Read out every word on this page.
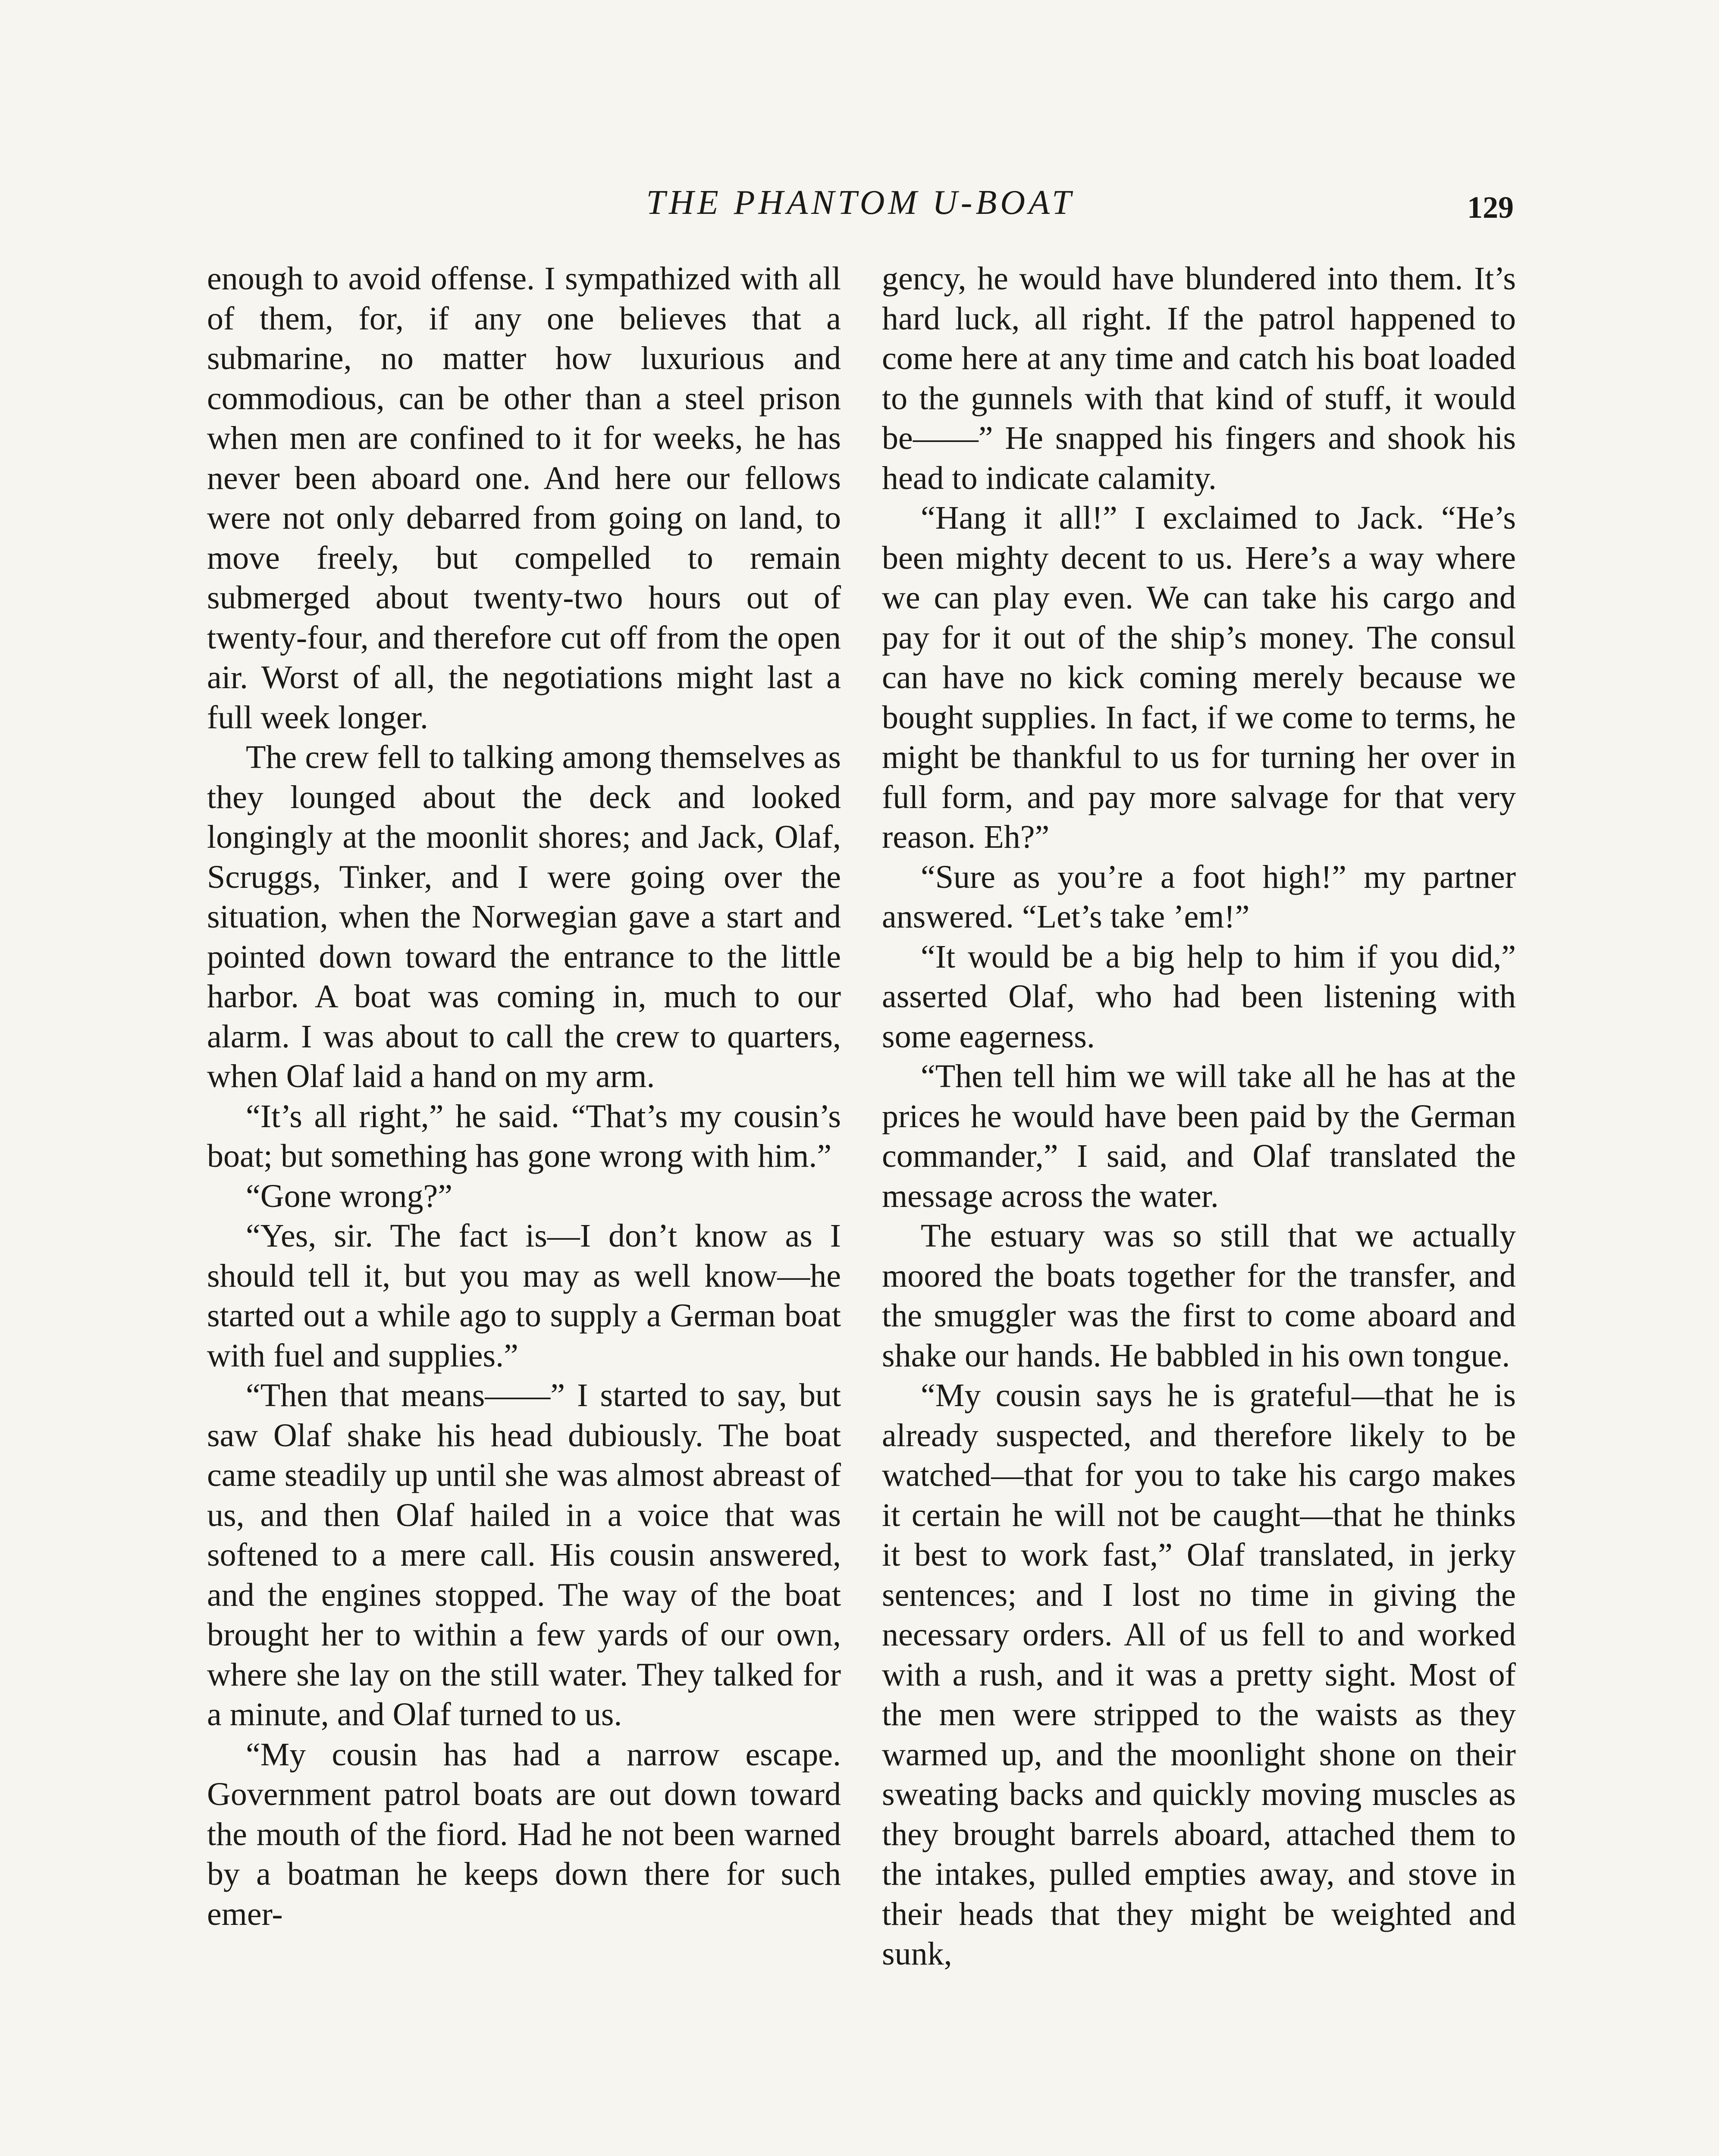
THE PHANTOM U-BOAT	129

enough to avoid offense. I sympathized with all of them, for, if any one believes that a submarine, no matter how luxurious and commodious, can be other than a steel prison when men are confined to it for weeks, he has never been aboard one. And here our fellows were not only debarred from going on land, to move freely, but compelled to remain submerged about twenty-two hours out of twenty-four, and therefore cut off from the open air. Worst of all, the negotiations might last a full week longer.

The crew fell to talking among themselves as they lounged about the deck and looked longingly at the moonlit shores; and Jack, Olaf, Scruggs, Tinker, and I were going over the situation, when the Norwegian gave a start and pointed down toward the entrance to the little harbor. A boat was coming in, much to our alarm. I was about to call the crew to quarters, when Olaf laid a hand on my arm.

“It’s all right,” he said. “That’s my cousin’s boat; but something has gone wrong with him.”

“Gone wrong?”

“Yes, sir. The fact is—I don’t know as I should tell it, but you may as well know—he started out a while ago to supply a German boat with fuel and supplies.”

“Then that means——” I started to say, but saw Olaf shake his head dubiously. The boat came steadily up until she was almost abreast of us, and then Olaf hailed in a voice that was softened to a mere call. His cousin answered, and the engines stopped. The way of the boat brought her to within a few yards of our own, where she lay on the still water. They talked for a minute, and Olaf turned to us.

“My cousin has had a narrow escape. Government patrol boats are out down toward the mouth of the fiord. Had he not been warned by a boatman he keeps down there for such emer-

gency, he would have blundered into them. It’s hard luck, all right. If the patrol happened to come here at any time and catch his boat loaded to the gunnels with that kind of stuff, it would be——” He snapped his fingers and shook his head to indicate calamity.

“Hang it all!” I exclaimed to Jack. “He’s been mighty decent to us. Here’s a way where we can play even. We can take his cargo and pay for it out of the ship’s money. The consul can have no kick coming merely because we bought supplies. In fact, if we come to terms, he might be thankful to us for turning her over in full form, and pay more salvage for that very reason. Eh?”

“Sure as you’re a foot high!” my partner answered. “Let’s take ’em!”

“It would be a big help to him if you did,” asserted Olaf, who had been listening with some eagerness.

“Then tell him we will take all he has at the prices he would have been paid by the German commander,” I said, and Olaf translated the message across the water.

The estuary was so still that we actually moored the boats together for the transfer, and the smuggler was the first to come aboard and shake our hands. He babbled in his own tongue.

“My cousin says he is grateful—that he is already suspected, and therefore likely to be watched—that for you to take his cargo makes it certain he will not be caught—that he thinks it best to work fast,” Olaf translated, in jerky sentences; and I lost no time in giving the necessary orders. All of us fell to and worked with a rush, and it was a pretty sight. Most of the men were stripped to the waists as they warmed up, and the moonlight shone on their sweating backs and quickly moving muscles as they brought barrels aboard, attached them to the intakes, pulled empties away, and stove in their heads that they might be weighted and sunk,
